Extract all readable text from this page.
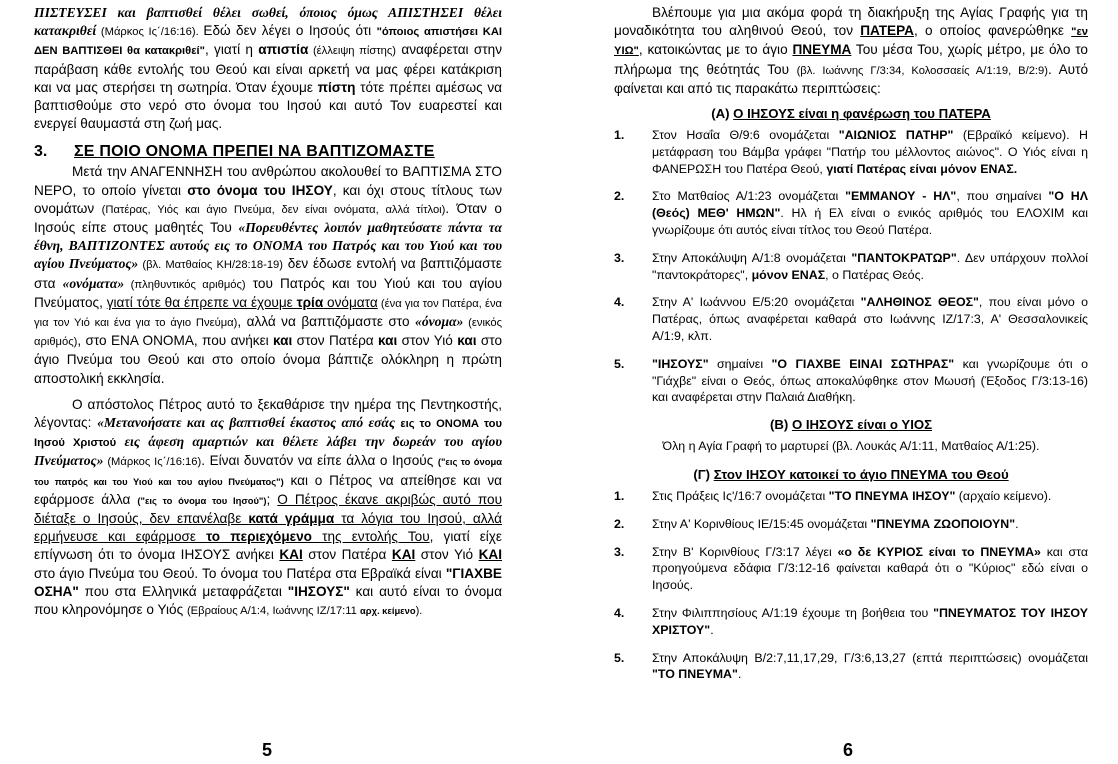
ΠΙΣΤΕΥΣΕΙ και βαπτισθεί θέλει σωθεί, όποιος όμως ΑΠΙΣΤΗΣΕΙ θέλει κατακριθεί (Μάρκος Ις΄/16:16). Εδώ δεν λέγει ο Ιησούς ότι "όποιος απιστήσει ΚΑΙ ΔΕΝ ΒΑΠΤΙΣΘΕΙ θα κατακριθεί", γιατί η απιστία (έλλειψη πίστης) αναφέρεται στην παράβαση κάθε εντολής του Θεού και είναι αρκετή να μας φέρει κατάκριση και να μας στερήσει τη σωτηρία. Όταν έχουμε πίστη τότε πρέπει αμέσως να βαπτισθούμε στο νερό στο όνομα του Ιησού και αυτό Τον ευαρεστεί και ενεργεί θαυμαστά στη ζωή μας.

3.	ΣΕ ΠΟΙΟ ΟΝΟΜΑ ΠΡΕΠΕΙ ΝΑ ΒΑΠΤΙΖΟΜΑΣΤΕ

Μετά την ΑΝΑΓΕΝΝΗΣΗ του ανθρώπου ακολουθεί το ΒΑΠΤΙΣΜΑ ΣΤΟ ΝΕΡΟ, το οποίο γίνεται στο όνομα του ΙΗΣΟΥ, και όχι στους τίτλους των ονομάτων (Πατέρας, Υιός και άγιο Πνεύμα, δεν είναι ονόματα, αλλά τίτλοι). Όταν ο Ιησούς είπε στους μαθητές Του «Πορευθέντες λοιπόν μαθητεύσατε πάντα τα έθνη, ΒΑΠΤΙΖΟΝΤΕΣ αυτούς εις το ΟΝΟΜΑ του Πατρός και του Υιού και του αγίου Πνεύματος» (βλ. Ματθαίος ΚΗ/28:18-19) δεν έδωσε εντολή να βαπτιζόμαστε στα «ονόματα» (πληθυντικός αριθμός) του Πατρός και του Υιού και του αγίου Πνεύματος, γιατί τότε θα έπρεπε να έχουμε τρία ονόματα (ένα για τον Πατέρα, ένα για τον Υιό και ένα για το άγιο Πνεύμα), αλλά να βαπτιζόμαστε στο «όνομα» (ενικός αριθμός), στο ΕΝΑ ΟΝΟΜΑ, που ανήκει και στον Πατέρα και στον Υιό και στο άγιο Πνεύμα του Θεού και στο οποίο όνομα βάπτιζε ολόκληρη η πρώτη αποστολική εκκλησία.

Ο απόστολος Πέτρος αυτό το ξεκαθάρισε την ημέρα της Πεντηκοστής, λέγοντας: «Μετανοήσατε και ας βαπτισθεί έκαστος από εσάς εις το ΟΝΟΜΑ του Ιησού Χριστού εις άφεση αμαρτιών και θέλετε λάβει την δωρεάν του αγίου Πνεύματος» (Μάρκος Ις΄/16:16). Είναι δυνατόν να είπε άλλα ο Ιησούς ("εις το όνομα του πατρός και του Υιού και του αγίου Πνεύματος") και ο Πέτρος να απείθησε και να εφάρμοσε άλλα ("εις το όνομα του Ιησού"); Ο Πέτρος έκανε ακριβώς αυτό που διέταξε ο Ιησούς, δεν επανέλαβε κατά γράμμα τα λόγια του Ιησού, αλλά ερμήνευσε και εφάρμοσε το περιεχόμενο της εντολής Του, γιατί είχε επίγνωση ότι το όνομα ΙΗΣΟΥΣ ανήκει ΚΑΙ στον Πατέρα ΚΑΙ στον Υιό ΚΑΙ στο άγιο Πνεύμα του Θεού. Το όνομα του Πατέρα στα Εβραϊκά είναι "ΓΙΑΧΒΕ ΟΣΗΑ" που στα Ελληνικά μεταφράζεται "ΙΗΣΟΥΣ" και αυτό είναι το όνομα που κληρονόμησε ο Υιός (Εβραίους Α/1:4, Ιωάννης ΙΖ/17:11 αρχ. κείμενο).

5

Βλέπουμε για μια ακόμα φορά τη διακήρυξη της Αγίας Γραφής για τη μοναδικότητα του αληθινού Θεού, τον ΠΑΤΕΡΑ, ο οποίος φανερώθηκε "εν ΥΙΩ", κατοικώντας με το άγιο ΠΝΕΥΜΑ Του μέσα Του, χωρίς μέτρο, με όλο το πλήρωμα της θεότητάς Του (βλ. Ιωάννης Γ/3:34, Κολοσσαείς Α/1:19, Β/2:9). Αυτό φαίνεται και από τις παρακάτω περιπτώσεις:

(Α) Ο ΙΗΣΟΥΣ είναι η φανέρωση του ΠΑΤΕΡΑ
1.	Στον Ησαΐα Θ/9:6 ονομάζεται "ΑΙΩΝΙΟΣ ΠΑΤΗΡ" (Εβραϊκό κείμενο). Η μετάφραση του Βάμβα γράφει "Πατήρ του μέλλοντος αιώνος". Ο Υιός είναι η ΦΑΝΕΡΩΣΗ του Πατέρα Θεού, γιατί Πατέρας είναι μόνον ΕΝΑΣ.
2.	Στο Ματθαίος Α/1:23 ονομάζεται "ΕΜΜΑΝΟΥ - ΗΛ", που σημαίνει "Ο ΗΛ (Θεός) ΜΕΘ' ΗΜΩΝ". Ηλ ή Ελ είναι ο ενικός αριθμός του ΕΛΟΧΙΜ και γνωρίζουμε ότι αυτός είναι τίτλος του Θεού Πατέρα.
3.	Στην Αποκάλυψη Α/1:8 ονομάζεται "ΠΑΝΤΟΚΡΑΤΩΡ". Δεν υπάρχουν πολλοί "παντοκράτορες", μόνον ΕΝΑΣ, ο Πατέρας Θεός.
4.	Στην Α' Ιωάννου Ε/5:20 ονομάζεται "ΑΛΗΘΙΝΟΣ ΘΕΟΣ", που είναι μόνο ο Πατέρας, όπως αναφέρεται καθαρά στο Ιωάννης ΙΖ/17:3, Α' Θεσσαλονικείς Α/1:9, κλπ.
5.	"ΙΗΣΟΥΣ" σημαίνει "Ο ΓΙΑΧΒΕ ΕΙΝΑΙ ΣΩΤΗΡΑΣ" και γνωρίζουμε ότι ο "Γιάχβε" είναι ο Θεός, όπως αποκαλύφθηκε στον Μωυσή (Έξοδος Γ/3:13-16) και αναφέρεται στην Παλαιά Διαθήκη.
(Β) Ο ΙΗΣΟΥΣ είναι ο ΥΙΟΣ
Όλη η Αγία Γραφή το μαρτυρεί (βλ. Λουκάς Α/1:11, Ματθαίος Α/1:25).
(Γ) Στον ΙΗΣΟΥ κατοικεί το άγιο ΠΝΕΥΜΑ του Θεού
1.	Στις Πράξεις Ις'/16:7 ονομάζεται "ΤΟ ΠΝΕΥΜΑ ΙΗΣΟΥ" (αρχαίο κείμενο).
2.	Στην Α' Κορινθίους ΙΕ/15:45 ονομάζεται "ΠΝΕΥΜΑ ΖΩΟΠΟΙΟΥΝ".
3.	Στην Β' Κορινθίους Γ/3:17 λέγει «ο δε ΚΥΡΙΟΣ είναι το ΠΝΕΥΜΑ» και στα προηγούμενα εδάφια Γ/3:12-16 φαίνεται καθαρά ότι ο "Κύριος" εδώ είναι ο Ιησούς.
4.	Στην Φιλιππησίους Α/1:19 έχουμε τη βοήθεια του "ΠΝΕΥΜΑΤΟΣ ΤΟΥ ΙΗΣΟΥ ΧΡΙΣΤΟΥ".
5.	Στην Αποκάλυψη Β/2:7,11,17,29, Γ/3:6,13,27 (επτά περιπτώσεις) ονομάζεται "ΤΟ ΠΝΕΥΜΑ".
6
